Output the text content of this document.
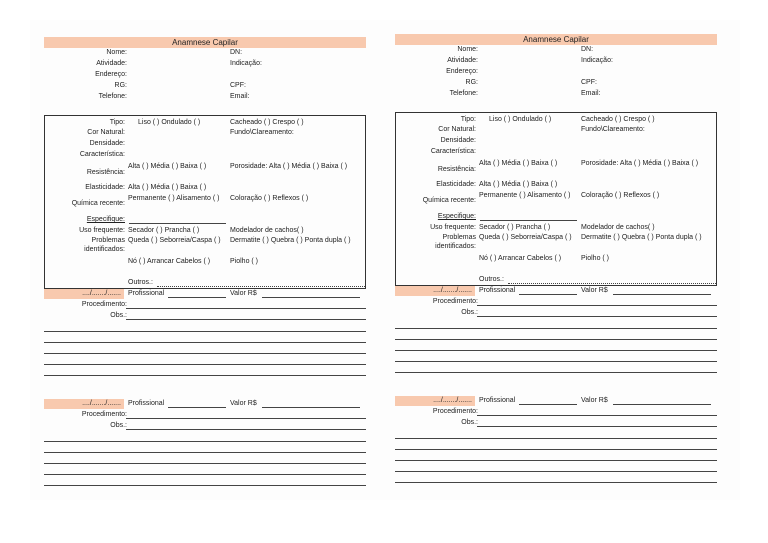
Anamnese Capilar
Nome:	DN:
Atividade:	Indicação:
Endereço:
RG:	CPF:
Telefone:	Email:
Tipo: Liso ( ) Ondulado ( )	Cacheado ( ) Crespo ( )
Cor Natural:	Fundo\Clareamento:
Densidade:
Característica:
Resistência:
Alta ( ) Média ( ) Baixa ( )	Porosidade: Alta ( ) Média ( ) Baixa ( )
Elasticidade: Alta ( ) Média ( ) Baixa ( )
Química recente:
Permanente ( ) Alisamento ( )	Coloração ( ) Reflexos ( )
Especifique:
Uso frequente: Secador ( ) Prancha ( )	Modelador de cachos( )
Problemas identificados:
Queda ( ) Seborreia/Caspa ( )	Dermatite ( ) Quebra ( ) Ponta dupla ( )
Nó ( ) Arrancar Cabelos ( )	Piolho ( )
Outros.:
..../......./.......	Profissional	Valor R$
Procedimento:
Obs.:
..../......./.......	Profissional	Valor R$
Procedimento:
Obs.:
Anamnese Capilar
Nome:	DN:
Atividade:	Indicação:
Endereço:
RG:	CPF:
Telefone:	Email:
Tipo: Liso ( ) Ondulado ( )	Cacheado ( ) Crespo ( )
Cor Natural:	Fundo\Clareamento:
Densidade:
Característica:
Resistência:
Alta ( ) Média ( ) Baixa ( )	Porosidade: Alta ( ) Média ( ) Baixa ( )
Elasticidade: Alta ( ) Média ( ) Baixa ( )
Química recente:
Permanente ( ) Alisamento ( )	Coloração ( ) Reflexos ( )
Especifique:
Uso frequente: Secador ( ) Prancha ( )	Modelador de cachos( )
Problemas identificados:
Queda ( ) Seborreia/Caspa ( )	Dermatite ( ) Quebra ( ) Ponta dupla ( )
Nó ( ) Arrancar Cabelos ( )	Piolho ( )
Outros.:
..../......./.......	Profissional	Valor R$
Procedimento:
Obs.:
..../......./.......	Profissional	Valor R$
Procedimento:
Obs.:
